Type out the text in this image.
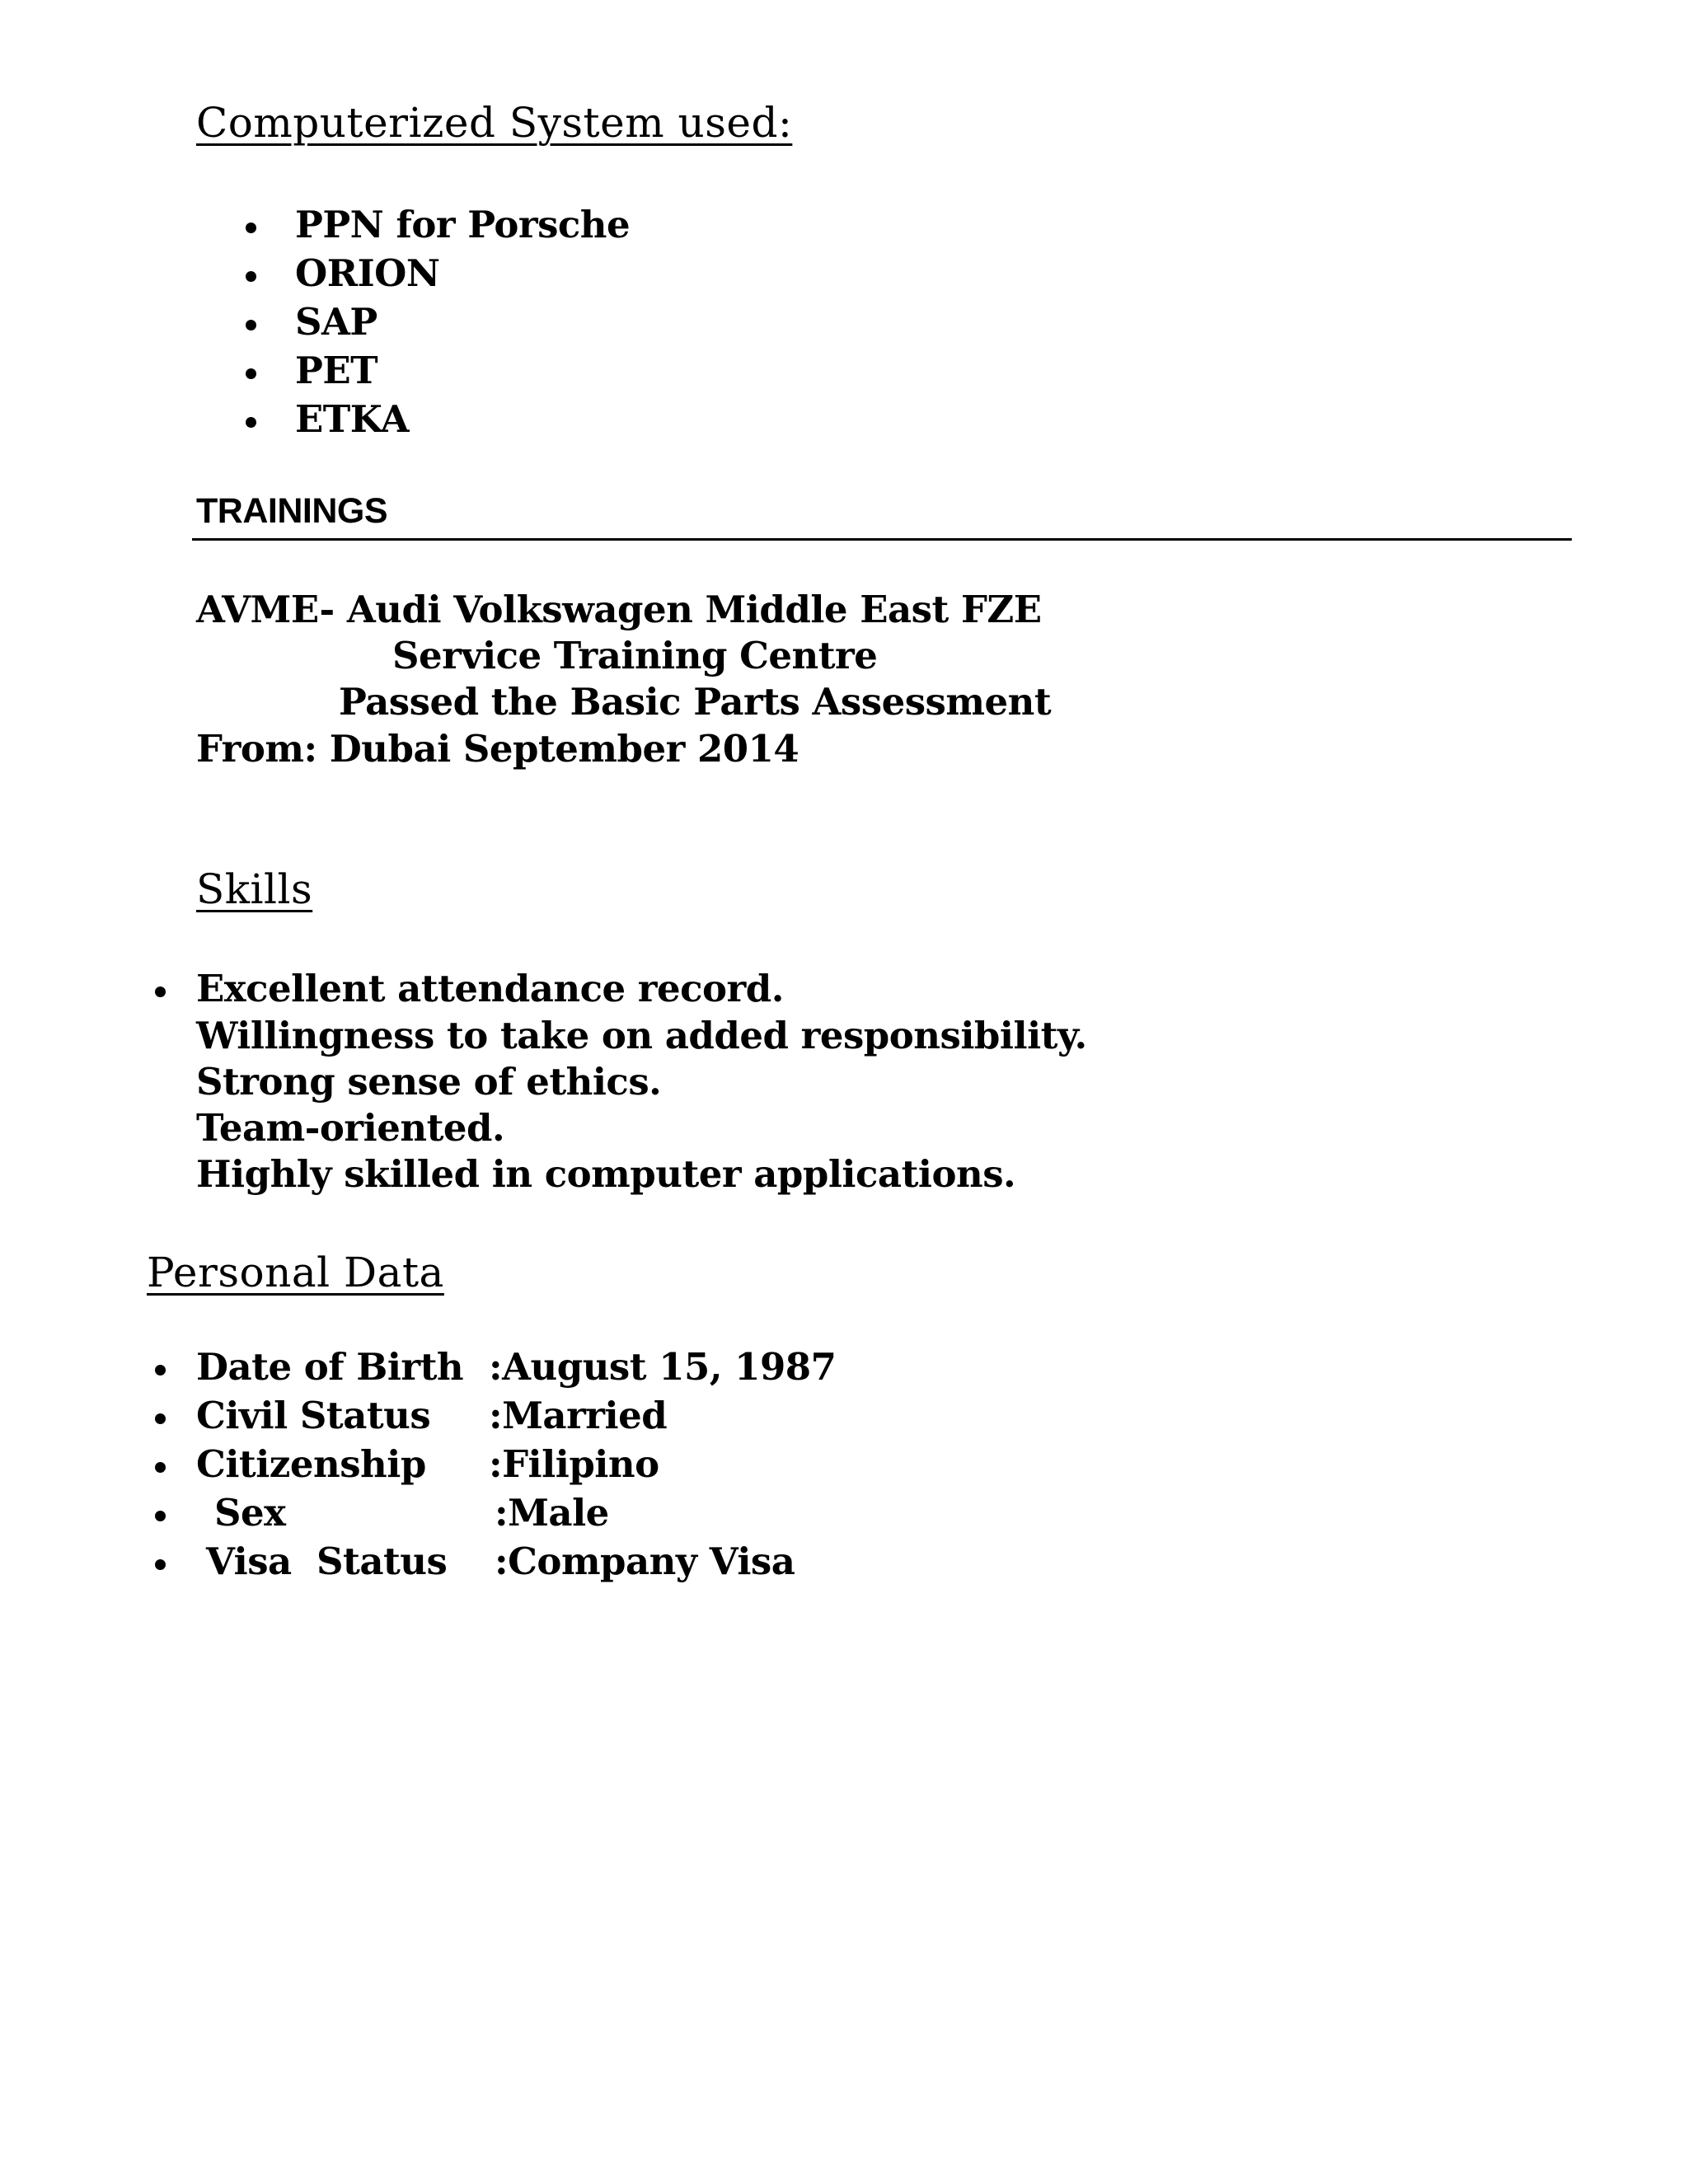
Computerized System used:
PPN for Porsche
ORION
SAP
PET
ETKA
TRAININGS
AVME- Audi Volkswagen Middle East FZE
Service Training Centre
Passed the Basic Parts Assessment
From: Dubai September 2014
Skills
Excellent attendance record.
Willingness to take on added responsibility.
Strong sense of ethics.
Team-oriented.
Highly skilled in computer applications.
Personal Data
Date of Birth :August 15, 1987
Civil Status :Married
Citizenship :Filipino
Sex	:Male
Visa  Status :Company Visa
